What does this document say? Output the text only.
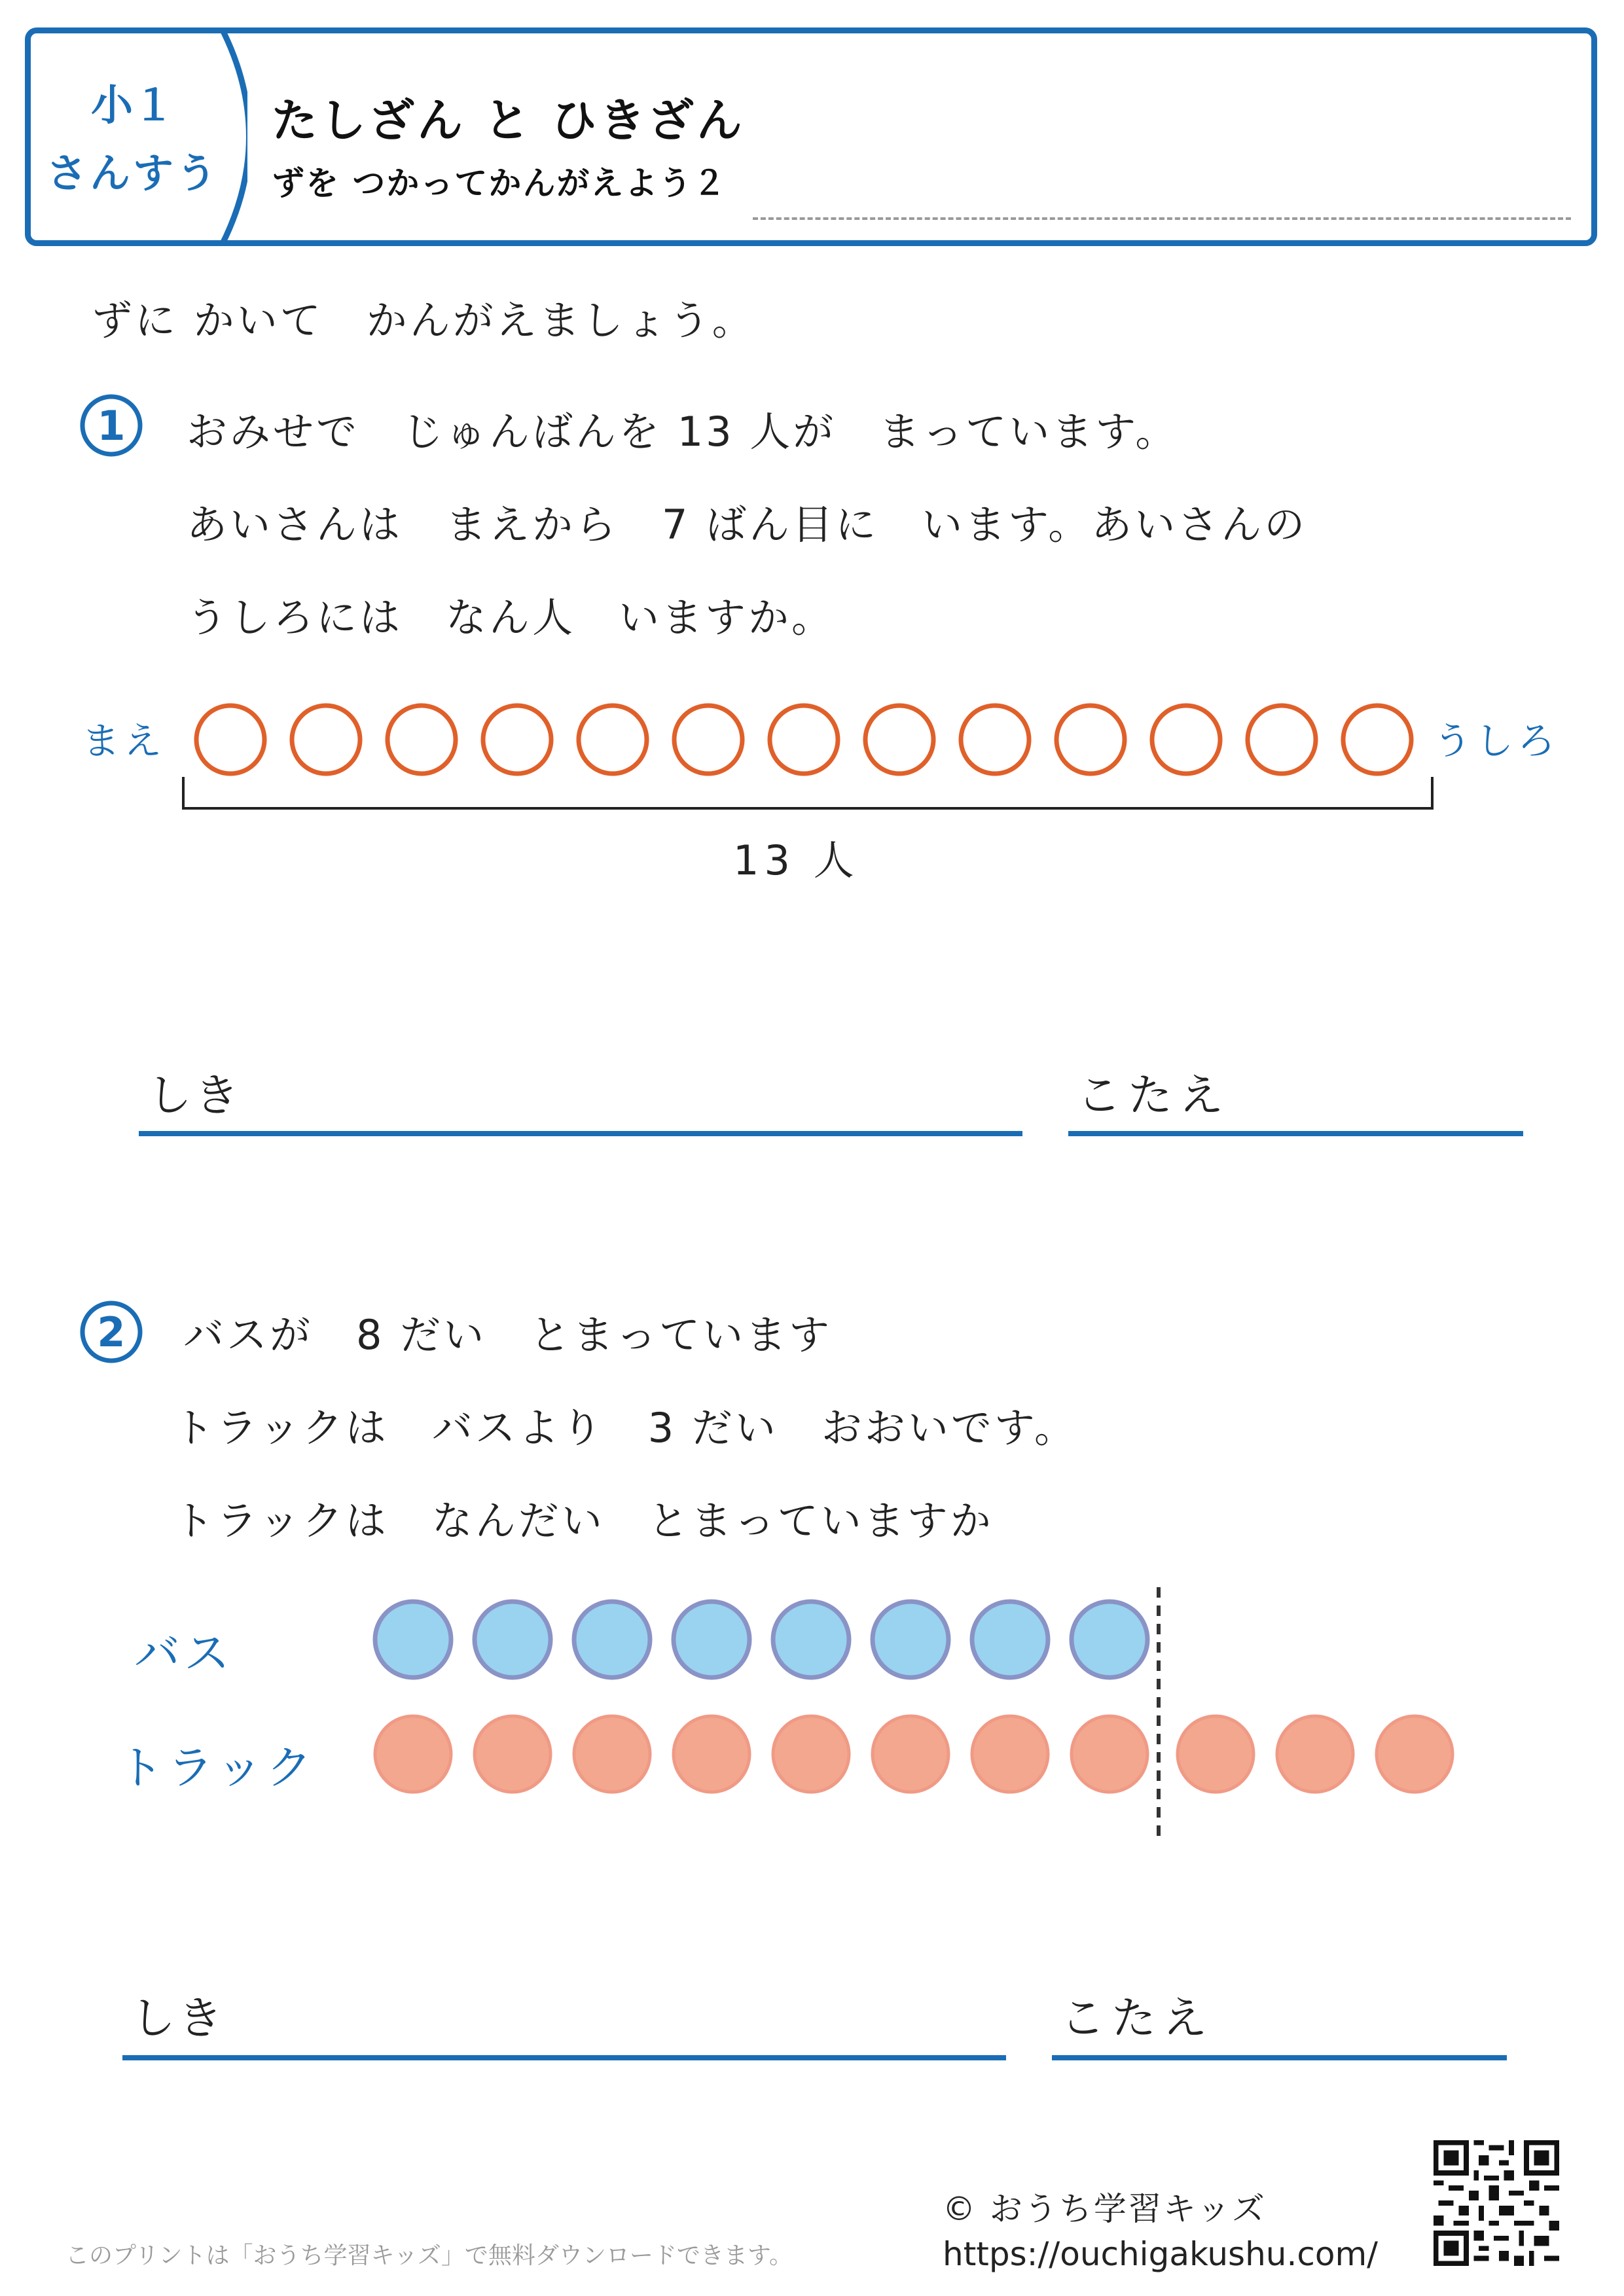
小１
さんすう
たしざん と ひきざん
ずを つかってかんがえよう２
ずに かいて　かんがえましょう。
1 おみせで　じゅんばんを 13 人が　まっています。
あいさんは　まえから　7 ばん目に　います。あいさんの
うしろには　なん人　いますか。
まえ	うしろ
13 人
しき	こたえ
2 バスが　8 だい　とまっています
トラックは　バスより　3 だい　おおいです。
トラックは　なんだい　とまっていますか
バス
トラック
しき	こたえ
このプリントは「おうち学習キッズ」で無料ダウンロードできます。
© おうち学習キッズ
https://ouchigakushu.com/
